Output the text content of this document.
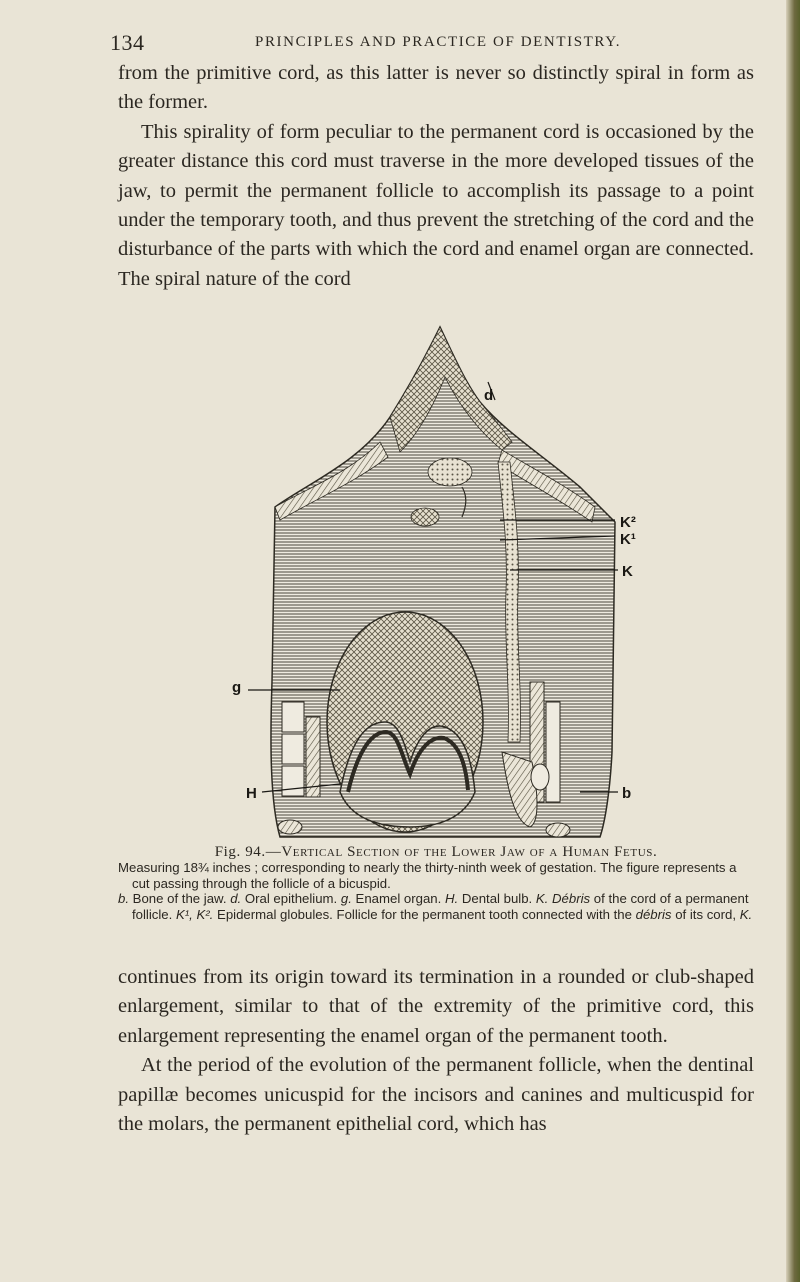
134	PRINCIPLES AND PRACTICE OF DENTISTRY.

from the primitive cord, as this latter is never so distinctly spiral in form as the former.

This spirality of form peculiar to the permanent cord is occasioned by the greater distance this cord must traverse in the more developed tissues of the jaw, to permit the permanent follicle to accomplish its passage to a point under the temporary tooth, and thus prevent the stretching of the cord and the disturbance of the parts with which the cord and enamel organ are connected. The spiral nature of the cord

d
K²
K¹
K
g
H	b

Fig. 94.—Vertical Section of the Lower Jaw of a Human Fetus.

Measuring 18¾ inches ; corresponding to nearly the thirty-ninth week of gestation. The figure represents a cut passing through the follicle of a bicuspid.

b. Bone of the jaw. d. Oral epithelium. g. Enamel organ. H. Dental bulb. K. Débris of the cord of a permanent follicle. K¹, K². Epidermal globules. Follicle for the permanent tooth connected with the débris of its cord, K.

continues from its origin toward its termination in a rounded or club-shaped enlargement, similar to that of the extremity of the primitive cord, this enlargement representing the enamel organ of the permanent tooth.

At the period of the evolution of the permanent follicle, when the dentinal papillæ becomes unicuspid for the incisors and canines and multicuspid for the molars, the permanent epithelial cord, which has
